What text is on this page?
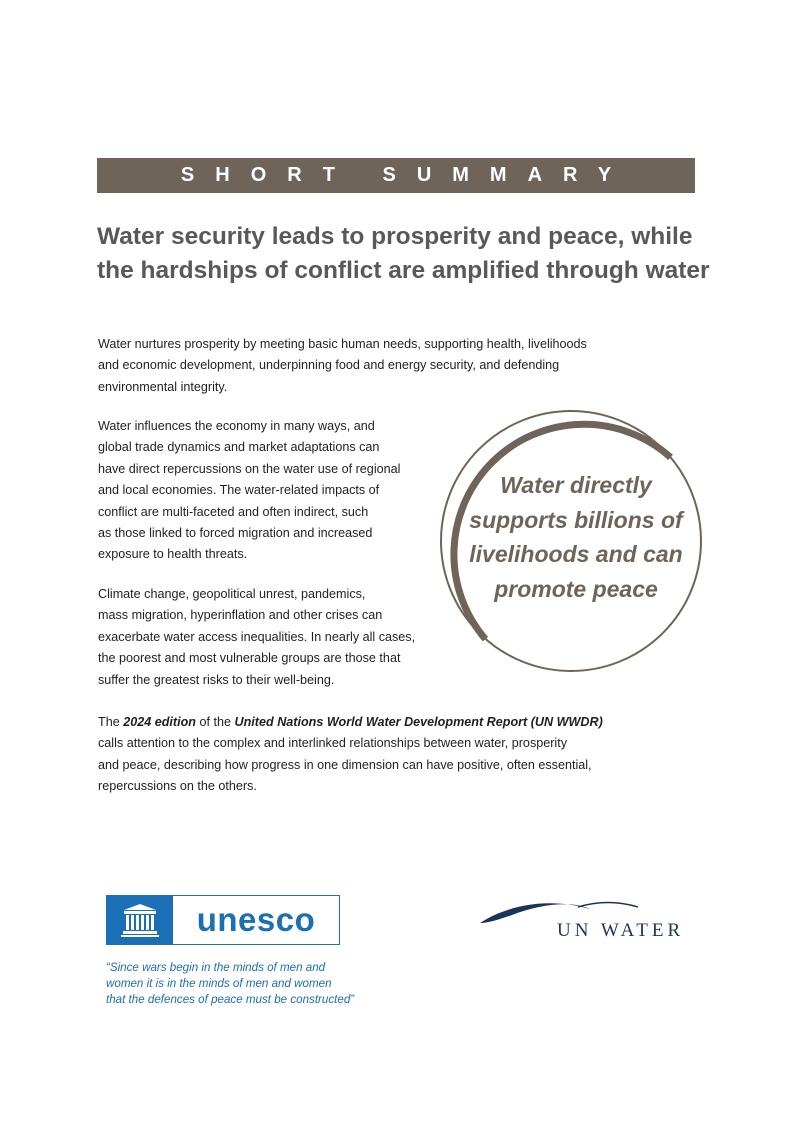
SHORT SUMMARY
Water security leads to prosperity and peace, while
the hardships of conflict are amplified through water

Water nurtures prosperity by meeting basic human needs, supporting health, livelihoods
and economic development, underpinning food and energy security, and defending
environmental integrity.

Water influences the economy in many ways, and
global trade dynamics and market adaptations can
have direct repercussions on the water use of regional
and local economies. The water-related impacts of
conflict are multi-faceted and often indirect, such
as those linked to forced migration and increased
exposure to health threats.

Climate change, geopolitical unrest, pandemics,
mass migration, hyperinflation and other crises can
exacerbate water access inequalities. In nearly all cases,
the poorest and most vulnerable groups are those that
suffer the greatest risks to their well-being.

The 2024 edition of the United Nations World Water Development Report (UN WWDR)
calls attention to the complex and interlinked relationships between water, prosperity
and peace, describing how progress in one dimension can have positive, often essential,
repercussions on the others.

Water directly
supports billions of
livelihoods and can
promote peace

unesco

“Since wars begin in the minds of men and
women it is in the minds of men and women
that the defences of peace must be constructed”

UN WATER
